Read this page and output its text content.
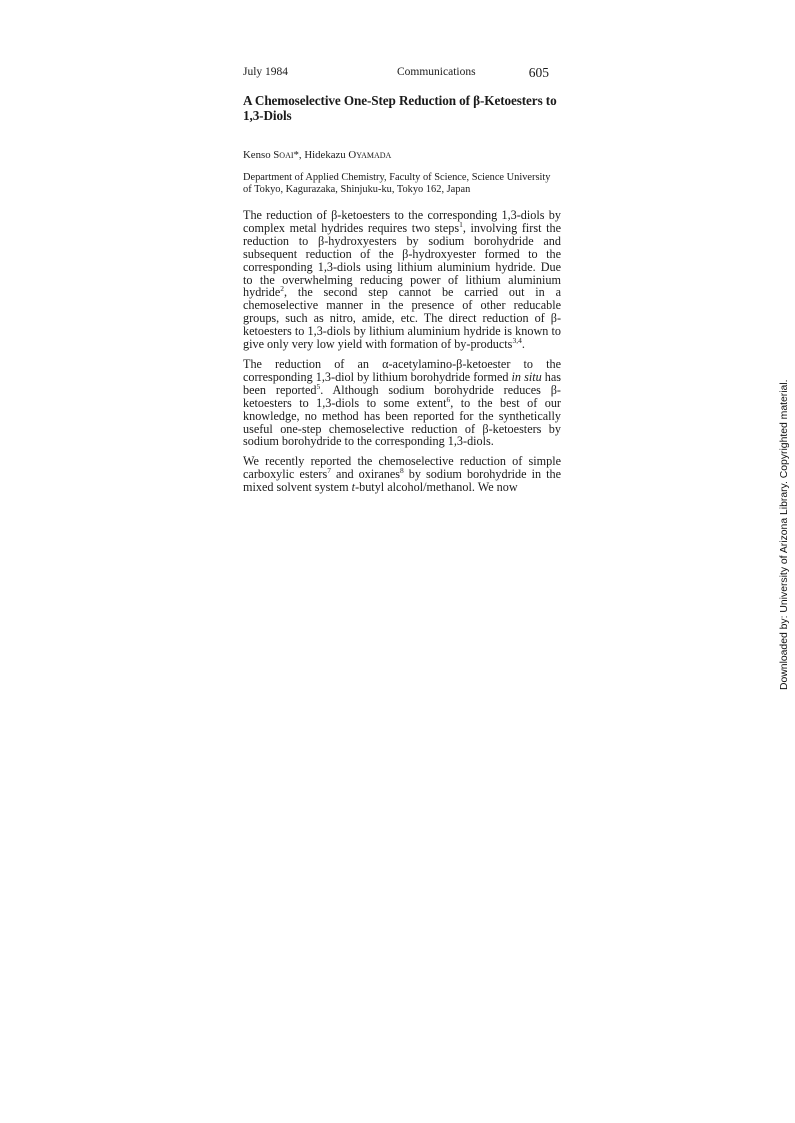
July 1984	Communications	605
A Chemoselective One-Step Reduction of β-Ketoesters to 1,3-Diols

Kenso Soai*, Hidekazu Oyamada

Department of Applied Chemistry, Faculty of Science, Science University of Tokyo, Kagurazaka, Shinjuku-ku, Tokyo 162, Japan

The reduction of β-ketoesters to the corresponding 1,3-diols by complex metal hydrides requires two steps$^1$, involving first the reduction to β-hydroxyesters by sodium borohydride and subsequent reduction of the β-hydroxyester formed to the corresponding 1,3-diols using lithium aluminium hydride. Due to the overwhelming reducing power of lithium aluminium hydride$^2$, the second step cannot be carried out in a chemoselective manner in the presence of other reducable groups, such as nitro, amide, etc. The direct reduction of β-ketoesters to 1,3-diols by lithium aluminium hydride is known to give only very low yield with formation of by-products$^{3,4}$.

The reduction of an α-acetylamino-β-ketoester to the corresponding 1,3-diol by lithium borohydride formed in situ has been reported$^5$. Although sodium borohydride reduces β-ketoesters to 1,3-diols to some extent$^6$, to the best of our knowledge, no method has been reported for the synthetically useful one-step chemoselective reduction of β-ketoesters by sodium borohydride to the corresponding 1,3-diols.

We recently reported the chemoselective reduction of simple carboxylic esters$^7$ and oxiranes$^8$ by sodium borohydride in the mixed solvent system t-butyl alcohol/methanol. We now	Downloaded by: University of Arizona Library. Copyrighted material.
